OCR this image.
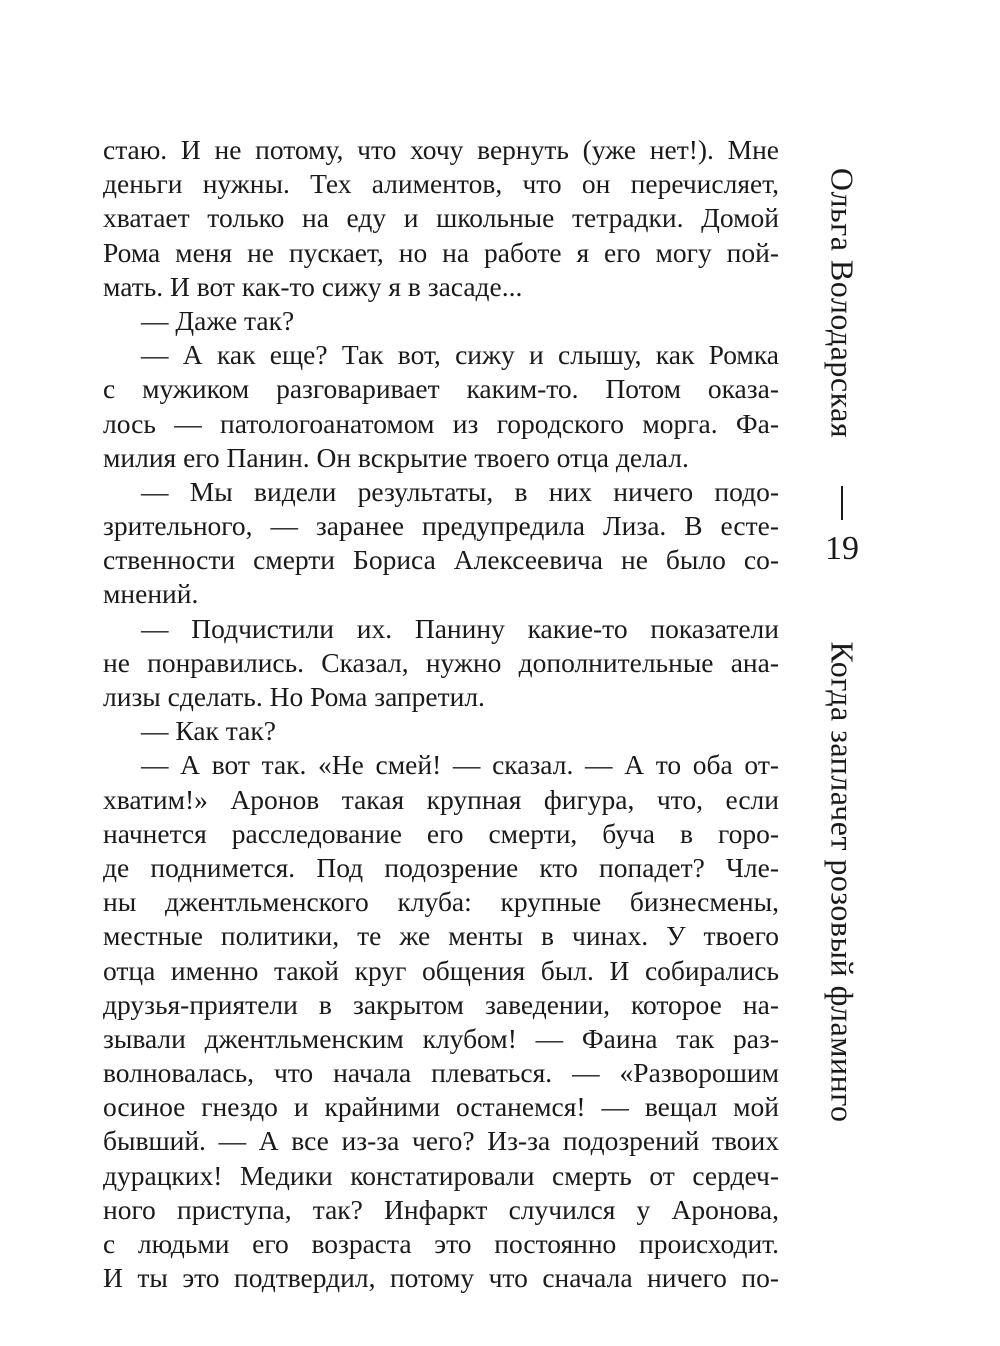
стаю. И не потому, что хочу вернуть (уже нет!). Мне
деньги нужны. Тех алиментов, что он перечисляет,
хватает только на еду и школьные тетрадки. Домой
Рома меня не пускает, но на работе я его могу пой-
мать. И вот как-то сижу я в засаде...
— Даже так?
— А как еще? Так вот, сижу и слышу, как Ромка
с мужиком разговаривает каким-то. Потом оказа-
лось — патологоанатомом из городского морга. Фа-
милия его Панин. Он вскрытие твоего отца делал.
— Мы видели результаты, в них ничего подо-
зрительного, — заранее предупредила Лиза. В есте-
ственности смерти Бориса Алексеевича не было со-
мнений.
— Подчистили их. Панину какие-то показатели
не понравились. Сказал, нужно дополнительные ана-
лизы сделать. Но Рома запретил.
— Как так?
— А вот так. «Не смей! — сказал. — А то оба от-
хватим!» Аронов такая крупная фигура, что, если
начнется расследование его смерти, буча в горо-
де поднимется. Под подозрение кто попадет? Чле-
ны джентльменского клуба: крупные бизнесмены,
местные политики, те же менты в чинах. У твоего
отца именно такой круг общения был. И собирались
друзья-приятели в закрытом заведении, которое на-
зывали джентльменским клубом! — Фаина так раз-
волновалась, что начала плеваться. — «Разворошим
осиное гнездо и крайними останемся! — вещал мой
бывший. — А все из-за чего? Из-за подозрений твоих
дурацких! Медики констатировали смерть от сердеч-
ного приступа, так? Инфаркт случился у Аронова,
с людьми его возраста это постоянно происходит.
И ты это подтвердил, потому что сначала ничего по-
Ольга Володарская
19
Когда заплачет розовый фламинго
